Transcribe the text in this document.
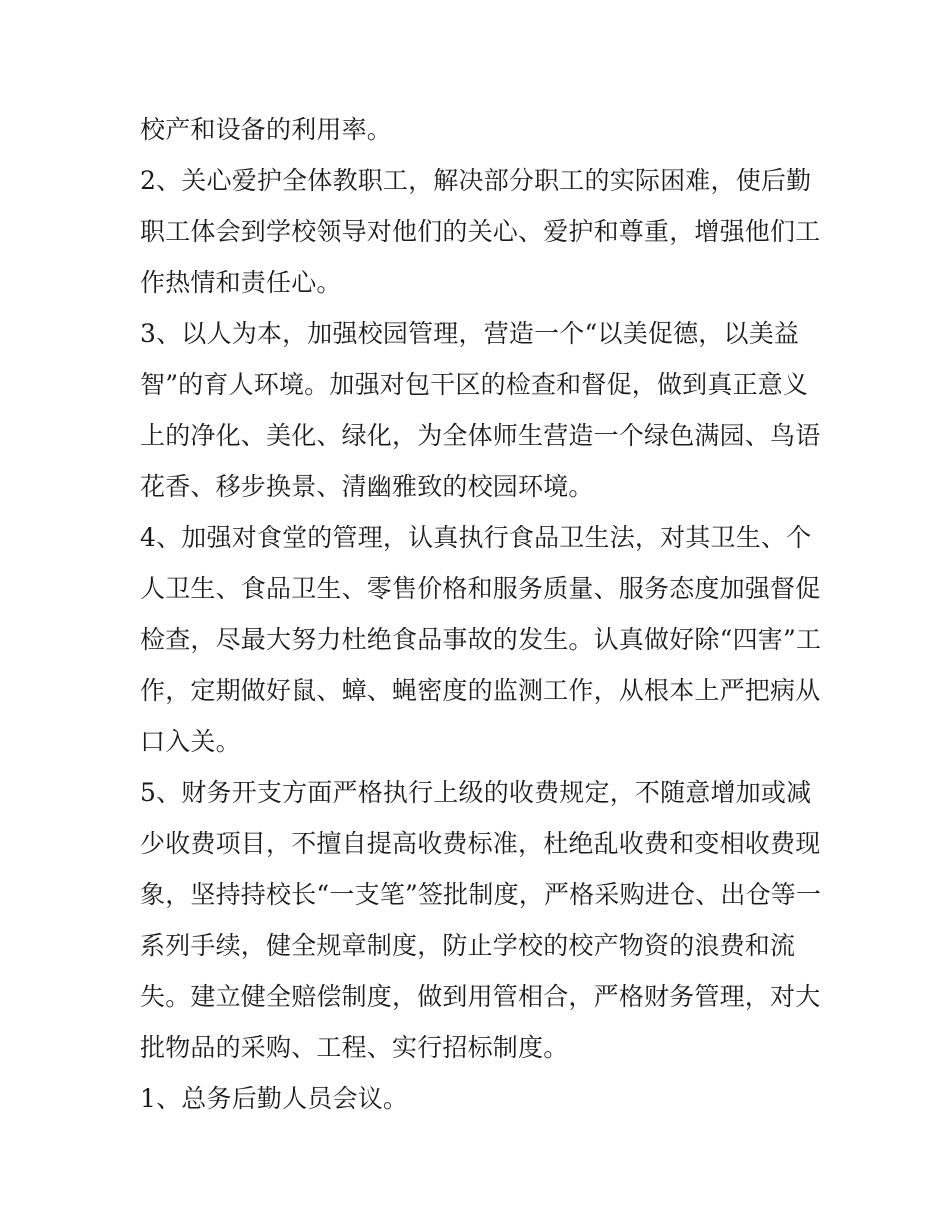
校产和设备的利用率。
2、关心爱护全体教职工，解决部分职工的实际困难，使后勤
职工体会到学校领导对他们的关心、爱护和尊重，增强他们工
作热情和责任心。
3、以人为本，加强校园管理，营造一个“以美促德，以美益
智”的育人环境。加强对包干区的检查和督促，做到真正意义
上的净化、美化、绿化，为全体师生营造一个绿色满园、鸟语
花香、移步换景、清幽雅致的校园环境。
4、加强对食堂的管理，认真执行食品卫生法，对其卫生、个
人卫生、食品卫生、零售价格和服务质量、服务态度加强督促
检查，尽最大努力杜绝食品事故的发生。认真做好除“四害”工
作，定期做好鼠、蟑、蝇密度的监测工作，从根本上严把病从
口入关。
5、财务开支方面严格执行上级的收费规定，不随意增加或减
少收费项目，不擅自提高收费标准，杜绝乱收费和变相收费现
象，坚持持校长“一支笔”签批制度，严格采购进仓、出仓等一
系列手续，健全规章制度，防止学校的校产物资的浪费和流
失。建立健全赔偿制度，做到用管相合，严格财务管理，对大
批物品的采购、工程、实行招标制度。
1、总务后勤人员会议。
